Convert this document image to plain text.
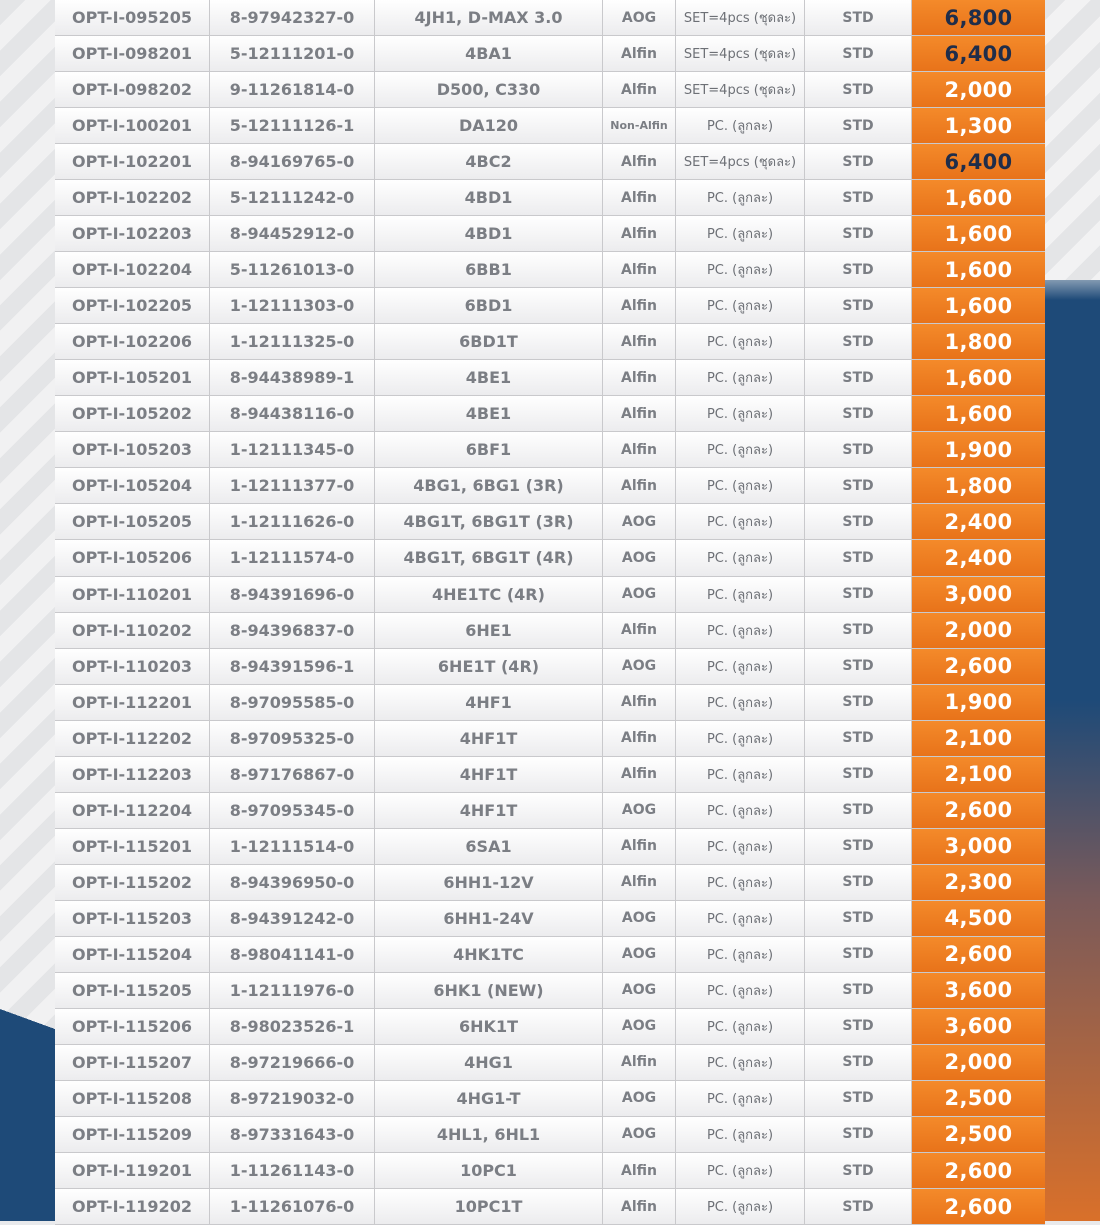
OPT-I-095205	8-97942327-0	4JH1, D-MAX 3.0	AOG	SET=4pcs (ชุดละ)	STD	6,800
OPT-I-098201	5-12111201-0	4BA1	Alfin	SET=4pcs (ชุดละ)	STD	6,400
OPT-I-098202	9-11261814-0	D500, C330	Alfin	SET=4pcs (ชุดละ)	STD	2,000
OPT-I-100201	5-12111126-1	DA120	Non-Alfin	PC. (ลูกละ)	STD	1,300
OPT-I-102201	8-94169765-0	4BC2	Alfin	SET=4pcs (ชุดละ)	STD	6,400
OPT-I-102202	5-12111242-0	4BD1	Alfin	PC. (ลูกละ)	STD	1,600
OPT-I-102203	8-94452912-0	4BD1	Alfin	PC. (ลูกละ)	STD	1,600
OPT-I-102204	5-11261013-0	6BB1	Alfin	PC. (ลูกละ)	STD	1,600
OPT-I-102205	1-12111303-0	6BD1	Alfin	PC. (ลูกละ)	STD	1,600
OPT-I-102206	1-12111325-0	6BD1T	Alfin	PC. (ลูกละ)	STD	1,800
OPT-I-105201	8-94438989-1	4BE1	Alfin	PC. (ลูกละ)	STD	1,600
OPT-I-105202	8-94438116-0	4BE1	Alfin	PC. (ลูกละ)	STD	1,600
OPT-I-105203	1-12111345-0	6BF1	Alfin	PC. (ลูกละ)	STD	1,900
OPT-I-105204	1-12111377-0	4BG1, 6BG1 (3R)	Alfin	PC. (ลูกละ)	STD	1,800
OPT-I-105205	1-12111626-0	4BG1T, 6BG1T (3R)	AOG	PC. (ลูกละ)	STD	2,400
OPT-I-105206	1-12111574-0	4BG1T, 6BG1T (4R)	AOG	PC. (ลูกละ)	STD	2,400
OPT-I-110201	8-94391696-0	4HE1TC (4R)	AOG	PC. (ลูกละ)	STD	3,000
OPT-I-110202	8-94396837-0	6HE1	Alfin	PC. (ลูกละ)	STD	2,000
OPT-I-110203	8-94391596-1	6HE1T (4R)	AOG	PC. (ลูกละ)	STD	2,600
OPT-I-112201	8-97095585-0	4HF1	Alfin	PC. (ลูกละ)	STD	1,900
OPT-I-112202	8-97095325-0	4HF1T	Alfin	PC. (ลูกละ)	STD	2,100
OPT-I-112203	8-97176867-0	4HF1T	Alfin	PC. (ลูกละ)	STD	2,100
OPT-I-112204	8-97095345-0	4HF1T	AOG	PC. (ลูกละ)	STD	2,600
OPT-I-115201	1-12111514-0	6SA1	Alfin	PC. (ลูกละ)	STD	3,000
OPT-I-115202	8-94396950-0	6HH1-12V	Alfin	PC. (ลูกละ)	STD	2,300
OPT-I-115203	8-94391242-0	6HH1-24V	AOG	PC. (ลูกละ)	STD	4,500
OPT-I-115204	8-98041141-0	4HK1TC	AOG	PC. (ลูกละ)	STD	2,600
OPT-I-115205	1-12111976-0	6HK1 (NEW)	AOG	PC. (ลูกละ)	STD	3,600
OPT-I-115206	8-98023526-1	6HK1T	AOG	PC. (ลูกละ)	STD	3,600
OPT-I-115207	8-97219666-0	4HG1	Alfin	PC. (ลูกละ)	STD	2,000
OPT-I-115208	8-97219032-0	4HG1-T	AOG	PC. (ลูกละ)	STD	2,500
OPT-I-115209	8-97331643-0	4HL1, 6HL1	AOG	PC. (ลูกละ)	STD	2,500
OPT-I-119201	1-11261143-0	10PC1	Alfin	PC. (ลูกละ)	STD	2,600
OPT-I-119202	1-11261076-0	10PC1T	Alfin	PC. (ลูกละ)	STD	2,600
